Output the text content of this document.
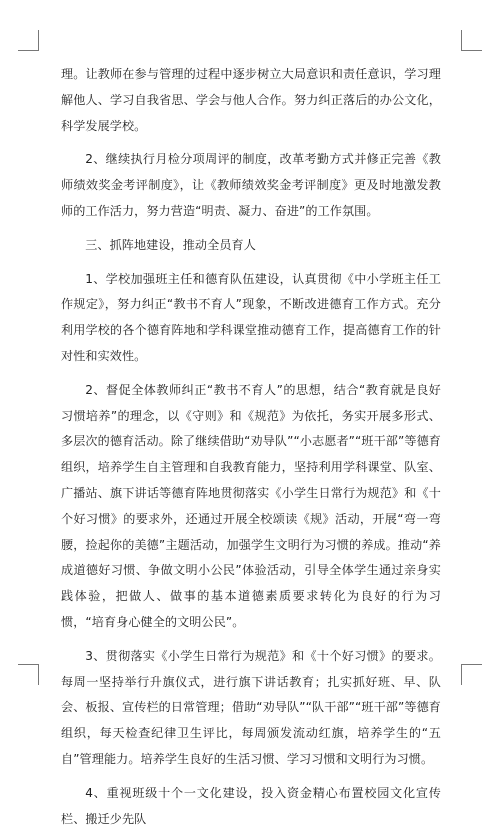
理。让教师在参与管理的过程中逐步树立大局意识和责任意识，学习理解他人、学习自我省思、学会与他人合作。努力纠正落后的办公文化，科学发展学校。

2、继续执行月检分项周评的制度，改革考勤方式并修正完善《教师绩效奖金考评制度》，让《教师绩效奖金考评制度》更及时地激发教师的工作活力，努力营造“明责、凝力、奋进”的工作氛围。

三、抓阵地建设，推动全员育人

1、学校加强班主任和德育队伍建设，认真贯彻《中小学班主任工作规定》，努力纠正“教书不育人”现象，不断改进德育工作方式。充分利用学校的各个德育阵地和学科课堂推动德育工作，提高德育工作的针对性和实效性。

2、督促全体教师纠正“教书不育人”的思想，结合“教育就是良好习惯培养”的理念，以《守则》和《规范》为依托，务实开展多形式、多层次的德育活动。除了继续借助“劝导队”“小志愿者”“班干部”等德育组织，培养学生自主管理和自我教育能力，坚持利用学科课堂、队室、广播站、旗下讲话等德育阵地贯彻落实《小学生日常行为规范》和《十个好习惯》的要求外，还通过开展全校颂读《规》活动，开展“弯一弯腰，捡起你的美德”主题活动，加强学生文明行为习惯的养成。推动“养成道德好习惯、争做文明小公民”体验活动，引导全体学生通过亲身实践体验，把做人、做事的基本道德素质要求转化为良好的行为习惯，“培育身心健全的文明公民”。

3、贯彻落实《小学生日常行为规范》和《十个好习惯》的要求。每周一坚持举行升旗仪式，进行旗下讲话教育；扎实抓好班、早、队会、板报、宣传栏的日常管理；借助“劝导队”“队干部”“班干部”等德育组织，每天检查纪律卫生评比，每周颁发流动红旗，培养学生的“五自”管理能力。培养学生良好的生活习惯、学习习惯和文明行为习惯。

4、重视班级十个一文化建设，投入资金精心布置校园文化宣传栏、搬迁少先队
